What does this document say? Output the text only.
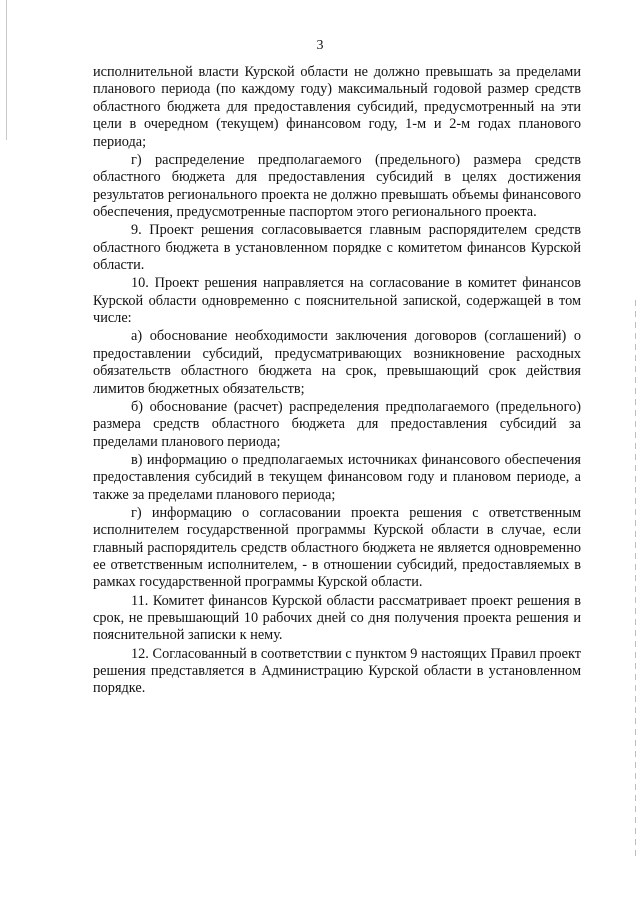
3

исполнительной власти Курской области не должно превышать за пределами планового периода (по каждому году) максимальный годовой размер средств областного бюджета для предоставления субсидий, предусмотренный на эти цели в очередном (текущем) финансовом году, 1-м и 2-м годах планового периода;

г) распределение предполагаемого (предельного) размера средств областного бюджета для предоставления субсидий в целях достижения результатов регионального проекта не должно превышать объемы финансового обеспечения, предусмотренные паспортом этого регионального проекта.

9. Проект решения согласовывается главным распорядителем средств областного бюджета в установленном порядке с комитетом финансов Курской области.

10. Проект решения направляется на согласование в комитет финансов Курской области одновременно с пояснительной запиской, содержащей в том числе:

а) обоснование необходимости заключения договоров (соглашений) о предоставлении субсидий, предусматривающих возникновение расходных обязательств областного бюджета на срок, превышающий срок действия лимитов бюджетных обязательств;

б) обоснование (расчет) распределения предполагаемого (предельного) размера средств областного бюджета для предоставления субсидий за пределами планового периода;

в) информацию о предполагаемых источниках финансового обеспечения предоставления субсидий в текущем финансовом году и плановом периоде, а также за пределами планового периода;

г) информацию о согласовании проекта решения с ответственным исполнителем государственной программы Курской области в случае, если главный распорядитель средств областного бюджета не является одновременно ее ответственным исполнителем, - в отношении субсидий, предоставляемых в рамках государственной программы Курской области.

11. Комитет финансов Курской области рассматривает проект решения в срок, не превышающий 10 рабочих дней со дня получения проекта решения и пояснительной записки к нему.

12. Согласованный в соответствии с пунктом 9 настоящих Правил проект решения представляется в Администрацию Курской области в установленном порядке.
